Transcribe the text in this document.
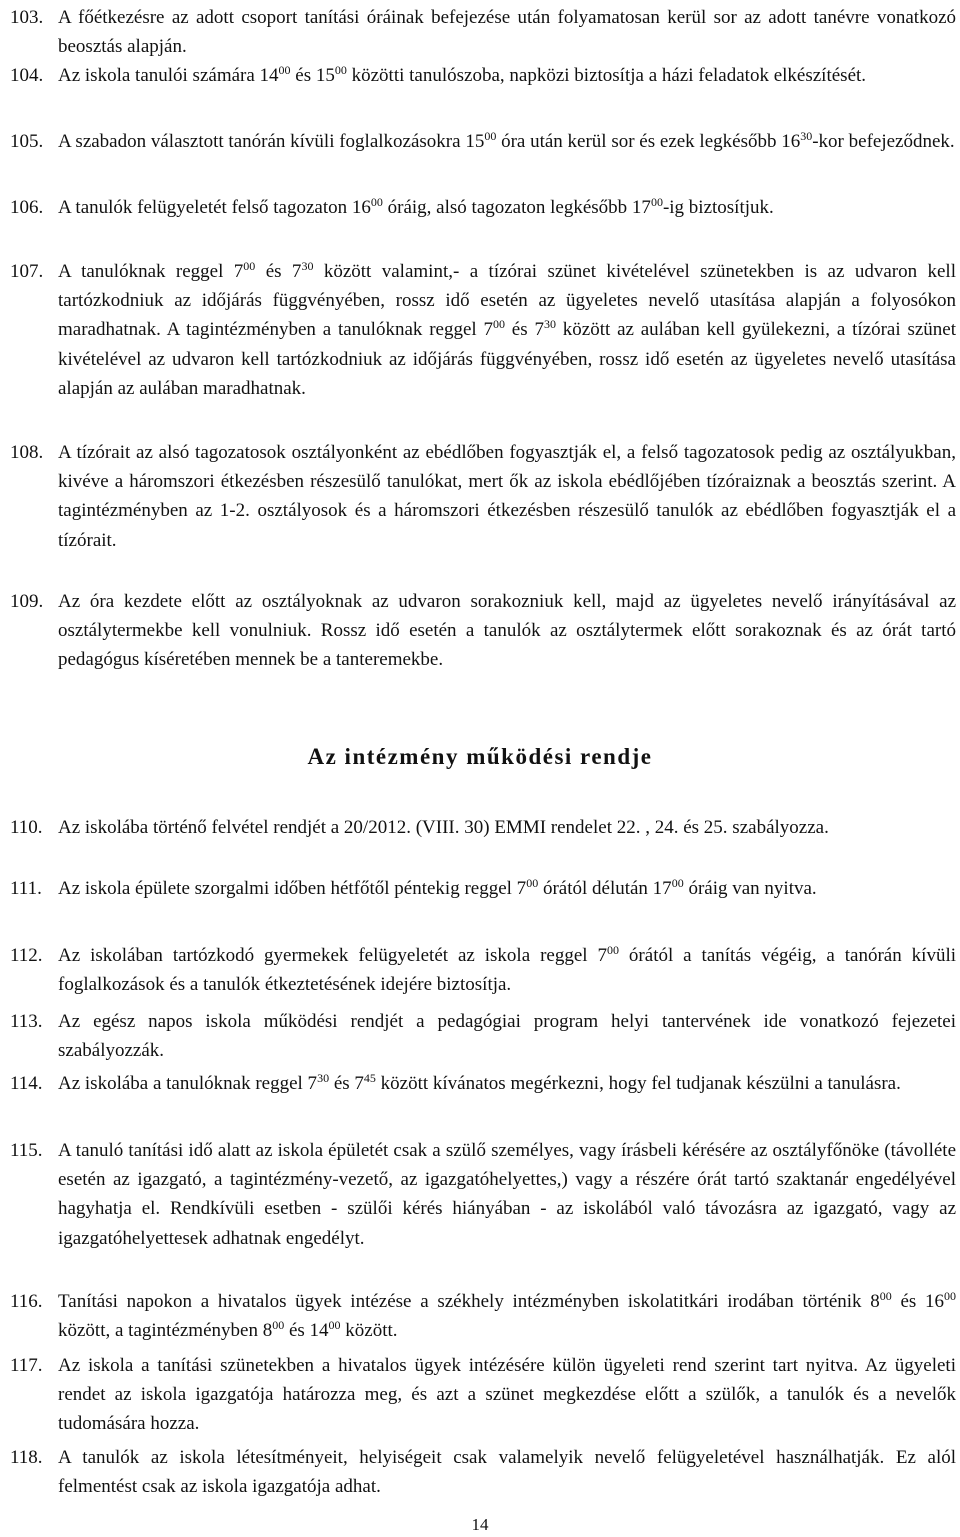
103. A főétkezésre az adott csoport tanítási óráinak befejezése után folyamatosan kerül sor az adott tanévre vonatkozó beosztás alapján.
104. Az iskola tanulói számára $14^{00}$ és $15^{00}$ közötti tanulószoba, napközi biztosítja a házi feladatok elkészítését.
105. A szabadon választott tanórán kívüli foglalkozásokra $15^{00}$ óra után kerül sor és ezek legkésőbb $16^{30}$-kor befejeződnek.
106. A tanulók felügyeletét felső tagozaton $16^{00}$ óráig, alsó tagozaton legkésőbb $17^{00}-ig$ biztosítjuk.
107. A tanulóknak reggel $7^{00}$ és $7^{30}$ között valamint,- a tízórai szünet kivételével szünetekben is az udvaron kell tartózkodniuk az időjárás függvényében, rossz idő esetén az ügyeletes nevelő utasítása alapján a folyosókon maradhatnak. A tagintézményben a tanulóknak reggel $7^{00}$ és $7^{30}$ között az aulában kell gyülekezni, a tízórai szünet kivételével az udvaron kell tartózkodniuk az időjárás függvényében, rossz idő esetén az ügyeletes nevelő utasítása alapján az aulában maradhatnak.
108. A tízórait az alsó tagozatosok osztályonként az ebédlőben fogyasztják el, a felső tagozatosok pedig az osztályukban, kivéve a háromszori étkezésben részesülő tanulókat, mert ők az iskola ebédlőjében tízóraiznak a beosztás szerint. A tagintézményben az 1-2. osztályosok és a háromszori étkezésben részesülő tanulók az ebédlőben fogyasztják el a tízórait.
109. Az óra kezdete előtt az osztályoknak az udvaron sorakozniuk kell, majd az ügyeletes nevelő irányításával az osztálytermekbe kell vonulniuk. Rossz idő esetén a tanulók az osztálytermek előtt sorakoznak és az órát tartó pedagógus kíséretében mennek be a tanteremekbe.
Az intézmény működési rendje
110. Az iskolába történő felvétel rendjét a 20/2012. (VIII. 30) EMMI rendelet 22. , 24. és 25. szabályozza.
111. Az iskola épülete szorgalmi időben hétfőtől péntekig reggel $7^{00}$ órától délután $17^{00}$ óráig van nyitva.
112. Az iskolában tartózkodó gyermekek felügyeletét az iskola reggel $7^{00}$ órától a tanítás végéig, a tanórán kívüli foglalkozások és a tanulók étkeztetésének idejére biztosítja.
113. Az egész napos iskola működési rendjét a pedagógiai program helyi tantervének ide vonatkozó fejezetei szabályozzák.
114. Az iskolába a tanulóknak reggel $7^{30}$ és $7^{45}$ között kívánatos megérkezni, hogy fel tudjanak készülni a tanulásra.
115. A tanuló tanítási idő alatt az iskola épületét csak a szülő személyes, vagy írásbeli kérésére az osztályfőnöke (távolléte esetén az igazgató, a tagintézmény-vezető, az igazgatóhelyettes,) vagy a részére órát tartó szaktanár engedélyével hagyhatja el. Rendkívüli esetben - szülői kérés hiányában - az iskolából való távozásra az igazgató, vagy az igazgatóhelyettesek adhatnak engedélyt.
116. Tanítási napokon a hivatalos ügyek intézése a székhely intézményben iskolatitkári irodában történik $8^{00}$ és $16^{00}$ között, a tagintézményben $8^{00}$ és $14^{00}$ között.
117. Az iskola a tanítási szünetekben a hivatalos ügyek intézésére külön ügyeleti rend szerint tart nyitva. Az ügyeleti rendet az iskola igazgatója határozza meg, és azt a szünet megkezdése előtt a szülők, a tanulók és a nevelők tudomására hozza.
118. A tanulók az iskola létesítményeit, helyiségeit csak valamelyik nevelő felügyeletével használhatják. Ez alól felmentést csak az iskola igazgatója adhat.
14
